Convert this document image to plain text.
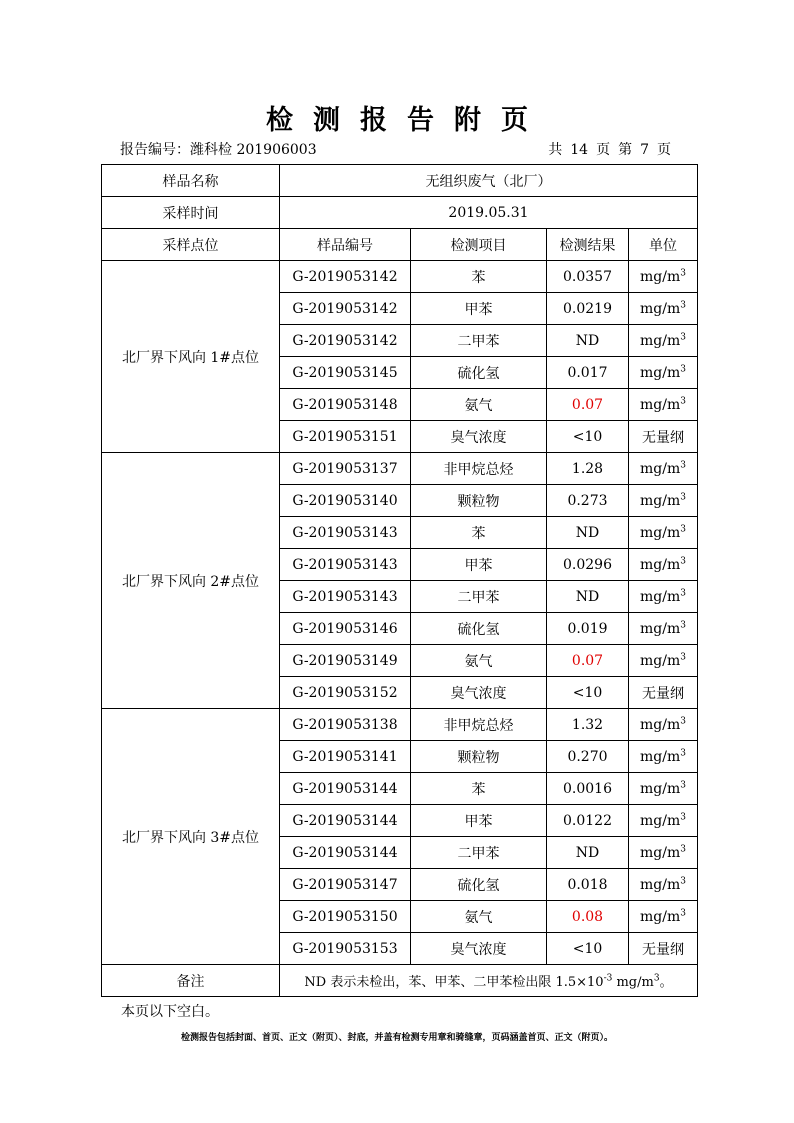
检测报告附页
报告编号：潍科检 201906003	共 14 页 第 7 页
样品名称	无组织废气（北厂）			
采样时间	2019.05.31			
采样点位	样品编号	检测项目	检测结果	单位
北厂界下风向 1#点位	G-2019053142	苯	0.0357	$mg/m^3$
	G-2019053142	甲苯	0.0219	$mg/m^3$
	G-2019053142	二甲苯	ND	$mg/m^3$
	G-2019053145	硫化氢	0.017	$mg/m^3$
	G-2019053148	氨气	0.07	$mg/m^3$
	G-2019053151	臭气浓度	<10	无量纲
北厂界下风向 2#点位	G-2019053137	非甲烷总烃	1.28	$mg/m^3$
	G-2019053140	颗粒物	0.273	$mg/m^3$
	G-2019053143	苯	ND	$mg/m^3$
	G-2019053143	甲苯	0.0296	$mg/m^3$
	G-2019053143	二甲苯	ND	$mg/m^3$
	G-2019053146	硫化氢	0.019	$mg/m^3$
	G-2019053149	氨气	0.07	$mg/m^3$
	G-2019053152	臭气浓度	<10	无量纲
北厂界下风向 3#点位	G-2019053138	非甲烷总烃	1.32	$mg/m^3$
	G-2019053141	颗粒物	0.270	$mg/m^3$
	G-2019053144	苯	0.0016	$mg/m^3$
	G-2019053144	甲苯	0.0122	$mg/m^3$
	G-2019053144	二甲苯	ND	$mg/m^3$
	G-2019053147	硫化氢	0.018	$mg/m^3$
	G-2019053150	氨气	0.08	$mg/m^3$
	G-2019053153	臭气浓度	<10	无量纲
备注	ND 表示未检出，苯、甲苯、二甲苯检出限 $1.5\times 10^{-3}$ $mg/m^3$。			
本页以下空白。
检测报告包括封面、首页、正文（附页）、封底，并盖有检测专用章和骑缝章，页码涵盖首页、正文（附页）。
